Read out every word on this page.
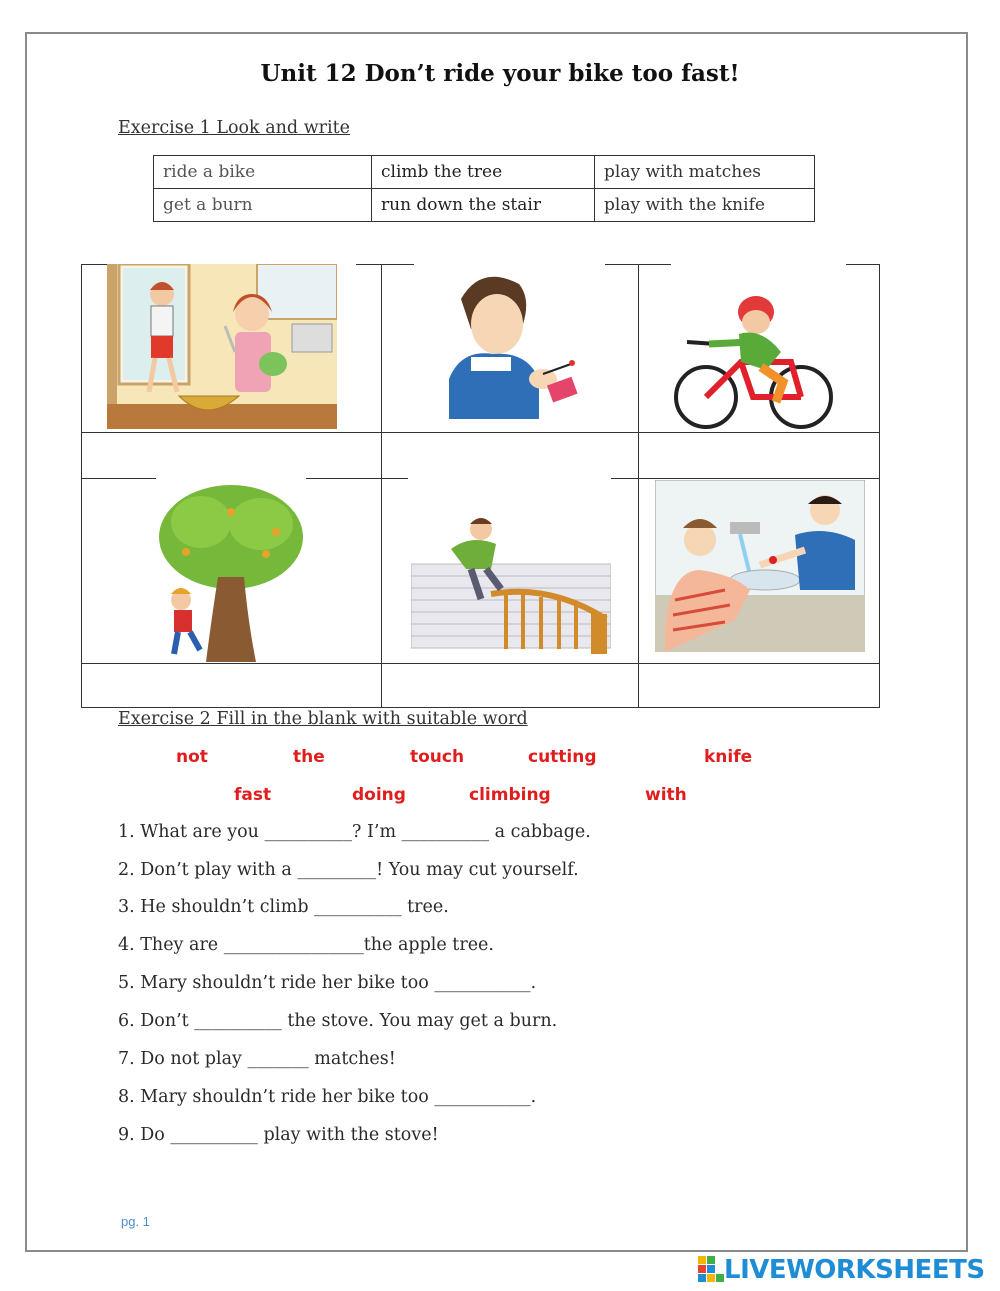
Unit 12 Don’t ride your bike too fast!
Exercise 1 Look and write
ride a bike	climb the tree	play with matches
get a burn	run down the stair	play with the knife
Exercise 2 Fill in the blank with suitable word
not	the	touch	cutting	knife
fast	doing	climbing	with
1. What are you __________? I’m __________ a cabbage.
2. Don’t play with a _________! You may cut yourself.
3. He shouldn’t climb __________ tree.
4. They are ________________the apple tree.
5. Mary shouldn’t ride her bike too ___________.
6. Don’t __________ the stove. You may get a burn.
7. Do not play _______ matches!
8. Mary shouldn’t ride her bike too ___________.
9. Do __________ play with the stove!
pg. 1
LIVEWORKSHEETS
